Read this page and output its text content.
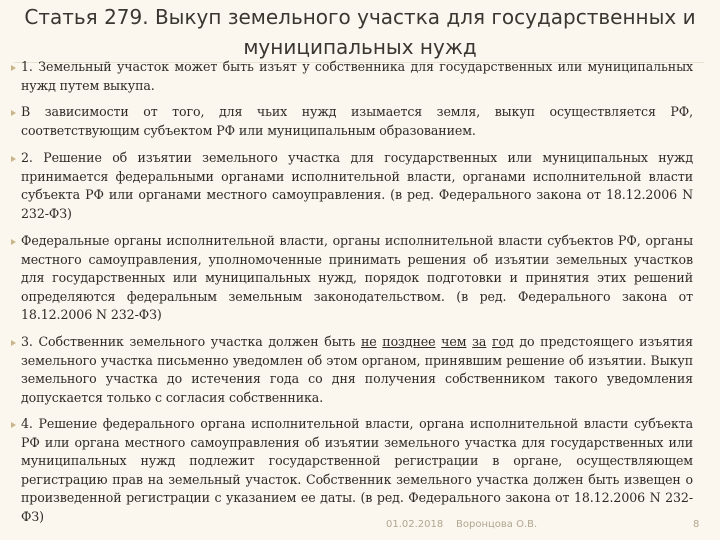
Статья 279. Выкуп земельного участка для государственных и муниципальных нужд

1. Земельный участок может быть изъят у собственника для государственных или муниципальных нужд путем выкупа.

В зависимости от того, для чьих нужд изымается земля, выкуп осуществляется РФ, соответствующим субъектом РФ или муниципальным образованием.

2. Решение об изъятии земельного участка для государственных или муниципальных нужд принимается федеральными органами исполнительной власти, органами исполнительной власти субъекта РФ или органами местного самоуправления. (в ред. Федерального закона от 18.12.2006 N 232-ФЗ)

Федеральные органы исполнительной власти, органы исполнительной власти субъектов РФ, органы местного самоуправления, уполномоченные принимать решения об изъятии земельных участков для государственных или муниципальных нужд, порядок подготовки и принятия этих решений определяются федеральным земельным законодательством. (в ред. Федерального закона от 18.12.2006 N 232-ФЗ)

3. Собственник земельного участка должен быть не позднее чем за год до предстоящего изъятия земельного участка письменно уведомлен об этом органом, принявшим решение об изъятии. Выкуп земельного участка до истечения года со дня получения собственником такого уведомления допускается только с согласия собственника.

4. Решение федерального органа исполнительной власти, органа исполнительной власти субъекта РФ или органа местного самоуправления об изъятии земельного участка для государственных или муниципальных нужд подлежит государственной регистрации в органе, осуществляющем регистрацию прав на земельный участок. Собственник земельного участка должен быть извещен о произведенной регистрации с указанием ее даты. (в ред. Федерального закона от 18.12.2006 N 232-ФЗ)

01.02.2018 Воронцова О.В.	8
